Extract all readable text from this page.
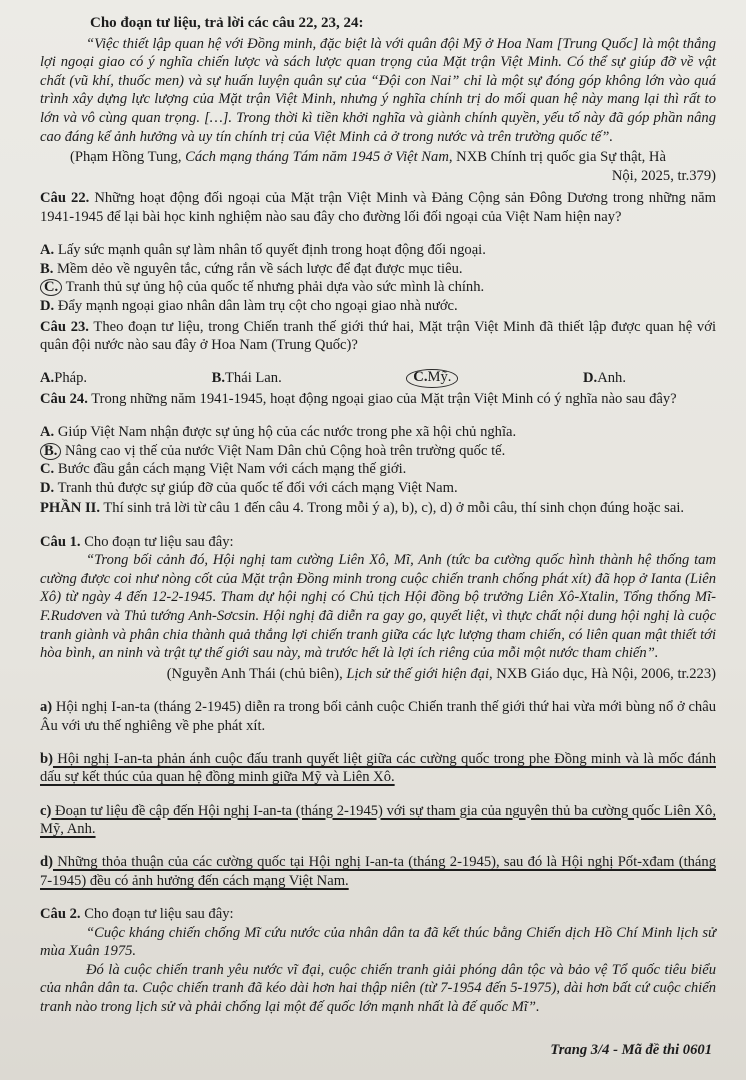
Cho đoạn tư liệu, trả lời các câu 22, 23, 24:

“Việc thiết lập quan hệ với Đồng minh, đặc biệt là với quân đội Mỹ ở Hoa Nam [Trung Quốc] là một thắng lợi ngoại giao có ý nghĩa chiến lược và sách lược quan trọng của Mặt trận Việt Minh. Có thể sự giúp đỡ về vật chất (vũ khí, thuốc men) và sự huấn luyện quân sự của “Đội con Nai” chỉ là một sự đóng góp không lớn vào quá trình xây dựng lực lượng của Mặt trận Việt Minh, nhưng ý nghĩa chính trị do mối quan hệ này mang lại thì rất to lớn và vô cùng quan trọng. […]. Trong thời kì tiền khởi nghĩa và giành chính quyền, yếu tố này đã góp phần nâng cao đáng kể ảnh hưởng và uy tín chính trị của Việt Minh cả ở trong nước và trên trường quốc tế”.

(Phạm Hồng Tung, Cách mạng tháng Tám năm 1945 ở Việt Nam, NXB Chính trị quốc gia Sự thật, Hà
Nội, 2025, tr.379)

Câu 22. Những hoạt động đối ngoại của Mặt trận Việt Minh và Đảng Cộng sản Đông Dương trong những năm 1941-1945 để lại bài học kinh nghiệm nào sau đây cho đường lối đối ngoại của Việt Nam hiện nay?

A. Lấy sức mạnh quân sự làm nhân tố quyết định trong hoạt động đối ngoại.
B. Mềm dẻo về nguyên tắc, cứng rắn về sách lược để đạt được mục tiêu.
C. Tranh thủ sự ủng hộ của quốc tế nhưng phải dựa vào sức mình là chính.
D. Đẩy mạnh ngoại giao nhân dân làm trụ cột cho ngoại giao nhà nước.

Câu 23. Theo đoạn tư liệu, trong Chiến tranh thế giới thứ hai, Mặt trận Việt Minh đã thiết lập được quan hệ với quân đội nước nào sau đây ở Hoa Nam (Trung Quốc)?

A.Pháp.	B.Thái Lan.	C.Mỹ.	D.Anh.

Câu 24. Trong những năm 1941-1945, hoạt động ngoại giao của Mặt trận Việt Minh có ý nghĩa nào sau đây?

A. Giúp Việt Nam nhận được sự ủng hộ của các nước trong phe xã hội chủ nghĩa.
B. Nâng cao vị thế của nước Việt Nam Dân chủ Cộng hoà trên trường quốc tế.
C. Bước đầu gắn cách mạng Việt Nam với cách mạng thế giới.
D. Tranh thủ được sự giúp đỡ của quốc tế đối với cách mạng Việt Nam.

PHẦN II. Thí sinh trả lời từ câu 1 đến câu 4. Trong mỗi ý a), b), c), d) ở mỗi câu, thí sinh chọn đúng hoặc sai.

Câu 1. Cho đoạn tư liệu sau đây:

“Trong bối cảnh đó, Hội nghị tam cường Liên Xô, Mĩ, Anh (tức ba cường quốc hình thành hệ thống tam cường được coi như nòng cốt của Mặt trận Đồng minh trong cuộc chiến tranh chống phát xít) đã họp ở Ianta (Liên Xô) từ ngày 4 đến 12-2-1945. Tham dự hội nghị có Chủ tịch Hội đồng bộ trưởng Liên Xô-Xtalin, Tổng thống Mĩ-F.Rudơven và Thủ tướng Anh-Sơcsin. Hội nghị đã diễn ra gay go, quyết liệt, vì thực chất nội dung hội nghị là cuộc tranh giành và phân chia thành quả thắng lợi chiến tranh giữa các lực lượng tham chiến, có liên quan mật thiết tới hòa bình, an ninh và trật tự thế giới sau này, mà trước hết là lợi ích riêng của mỗi một nước tham chiến”.

(Nguyễn Anh Thái (chủ biên), Lịch sử thế giới hiện đại, NXB Giáo dục, Hà Nội, 2006, tr.223)

a) Hội nghị I-an-ta (tháng 2-1945) diễn ra trong bối cảnh cuộc Chiến tranh thế giới thứ hai vừa mới bùng nổ ở châu Âu với ưu thế nghiêng về phe phát xít.

b) Hội nghị I-an-ta phản ánh cuộc đấu tranh quyết liệt giữa các cường quốc trong phe Đồng minh và là mốc đánh dấu sự kết thúc của quan hệ đồng minh giữa Mỹ và Liên Xô.

c) Đoạn tư liệu đề cập đến Hội nghị I-an-ta (tháng 2-1945) với sự tham gia của nguyên thủ ba cường quốc Liên Xô, Mỹ, Anh.

d) Những thỏa thuận của các cường quốc tại Hội nghị I-an-ta (tháng 2-1945), sau đó là Hội nghị Pốt-xđam (tháng 7-1945) đều có ảnh hưởng đến cách mạng Việt Nam.

Câu 2. Cho đoạn tư liệu sau đây:

“Cuộc kháng chiến chống Mĩ cứu nước của nhân dân ta đã kết thúc bằng Chiến dịch Hồ Chí Minh lịch sử mùa Xuân 1975.

Đó là cuộc chiến tranh yêu nước vĩ đại, cuộc chiến tranh giải phóng dân tộc và bảo vệ Tổ quốc tiêu biểu của nhân dân ta. Cuộc chiến tranh đã kéo dài hơn hai thập niên (từ 7-1954 đến 5-1975), dài hơn bất cứ cuộc chiến tranh nào trong lịch sử và phải chống lại một đế quốc lớn mạnh nhất là đế quốc Mĩ”.

Trang 3/4 - Mã đề thi 0601
